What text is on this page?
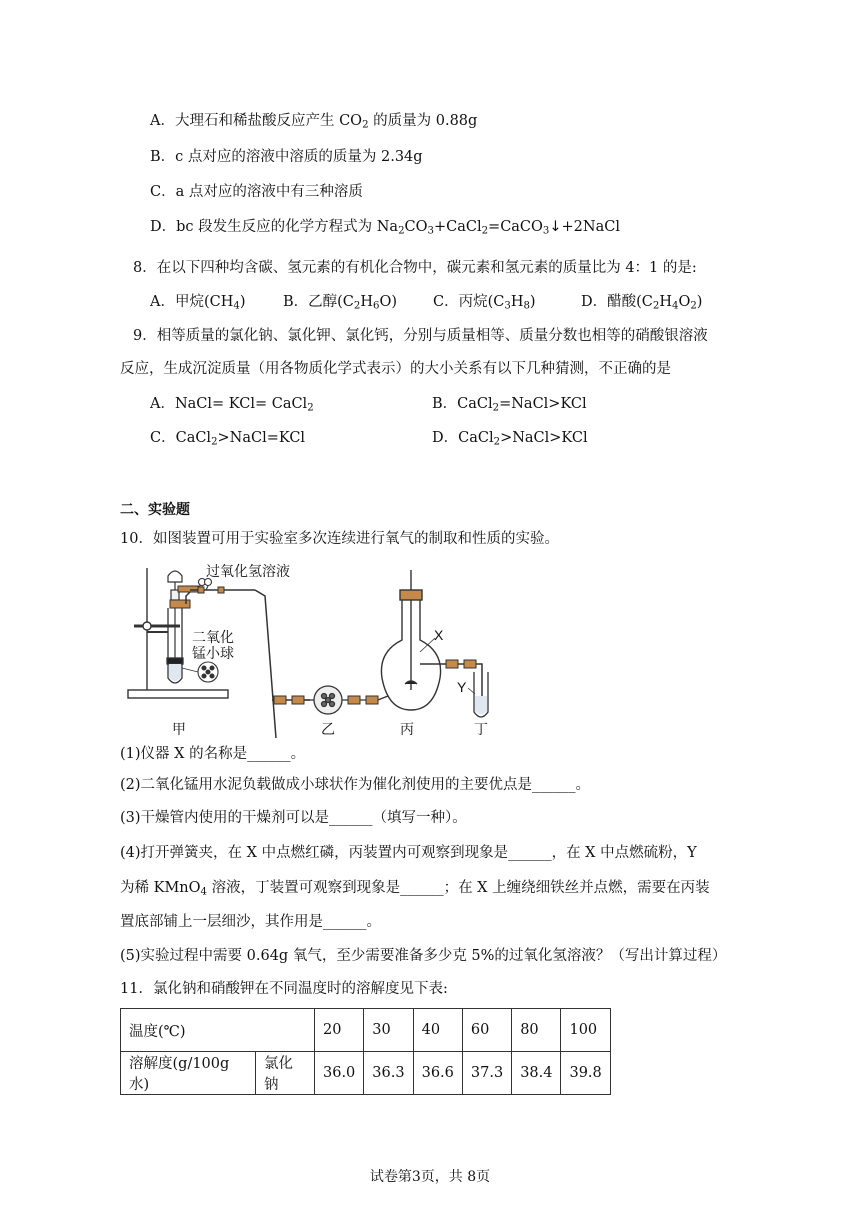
A．大理石和稀盐酸反应产生 $CO_2$ 的质量为 0.88g
B．c 点对应的溶液中溶质的质量为 2.34g
C．a 点对应的溶液中有三种溶质
D．bc 段发生反应的化学方程式为 $Na_2CO_3+CaCl_2=CaCO_3↓+2NaCl$
8．在以下四种均含碳、氢元素的有机化合物中，碳元素和氢元素的质量比为 4：1 的是:
A．甲烷$(CH_4)$	B．乙醇$(C_2H_6O)$ C．丙烷$(C_3H_8)$	D．醋酸$(C_2H_4O_2)$
9．相等质量的氯化钠、氯化钾、氯化钙，分别与质量相等、质量分数也相等的硝酸银溶液
反应，生成沉淀质量（用各物质化学式表示）的大小关系有以下几种猜测，不正确的是
A．NaCl= KCl= CaCl$_2$	B．CaCl$_2$=NaCl>KCl
C．CaCl$_2$>NaCl=KCl	D．CaCl$_2$>NaCl>KCl
二、实验题
10．如图装置可用于实验室多次连续进行氧气的制取和性质的实验。
过氧化氢溶液
二氧化
锰小球
X
Y
甲	乙	丙	丁
(1)仪器 X 的名称是______。
(2)二氧化锰用水泥负载做成小球状作为催化剂使用的主要优点是______。
(3)干燥管内使用的干燥剂可以是______（填写一种）。
(4)打开弹簧夹，在 X 中点燃红磷，丙装置内可观察到现象是______，在 X 中点燃硫粉，Y
为稀 KMnO$_4$ 溶液，丁装置可观察到现象是______；在 X 上缠绕细铁丝并点燃，需要在丙装
置底部铺上一层细沙，其作用是______。
(5)实验过程中需要 0.64g 氧气，至少需要准备多少克 5%的过氧化氢溶液？（写出计算过程）
11．氯化钠和硝酸钾在不同温度时的溶解度见下表:
温度(℃)		20	30	40	60	80	100
溶解度(g/100g 水)	氯化钠	36.0	36.3	36.6	37.3	38.4	39.8
试卷第3页，共 8页
